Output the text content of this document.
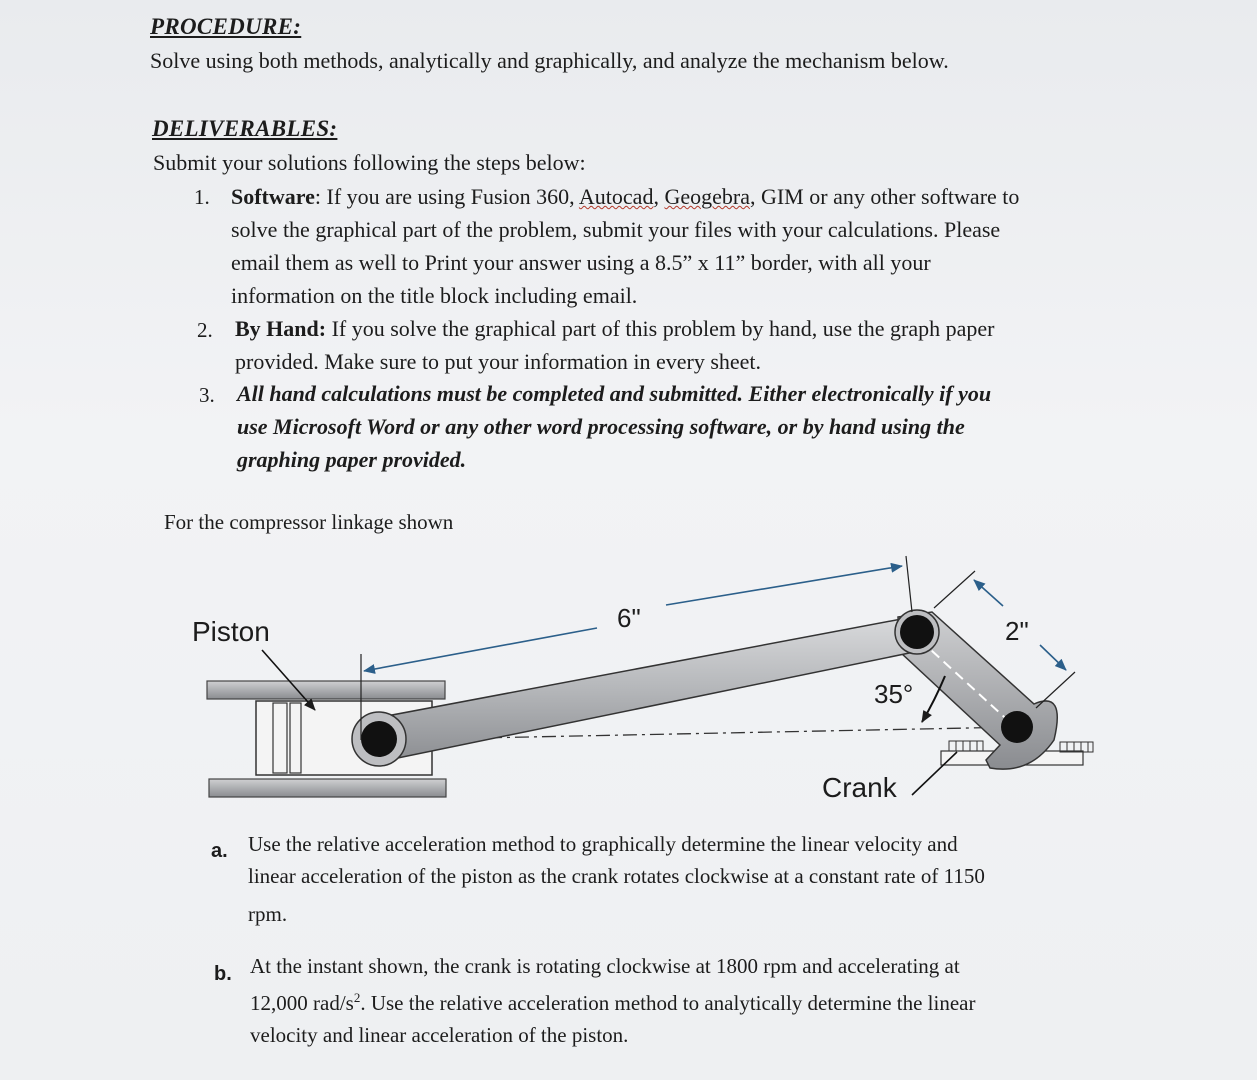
PROCEDURE:
Solve using both methods, analytically and graphically, and analyze the mechanism below.
DELIVERABLES:
Submit your solutions following the steps below:
1. Software: If you are using Fusion 360, Autocad, Geogebra, GIM or any other software to
solve the graphical part of the problem, submit your files with your calculations. Please
email them as well to Print your answer using a 8.5” x 11” border, with all your
information on the title block including email.
2. By Hand: If you solve the graphical part of this problem by hand, use the graph paper
provided. Make sure to put your information in every sheet.
3. All hand calculations must be completed and submitted. Either electronically if you
use Microsoft Word or any other word processing software, or by hand using the
graphing paper provided.
For the compressor linkage shown
Piston	6"	2"
35°
Crank
a. Use the relative acceleration method to graphically determine the linear velocity and
linear acceleration of the piston as the crank rotates clockwise at a constant rate of 1150
rpm.
b. At the instant shown, the crank is rotating clockwise at 1800 rpm and accelerating at
12,000 rad/$s^2$. Use the relative acceleration method to analytically determine the linear
velocity and linear acceleration of the piston.
